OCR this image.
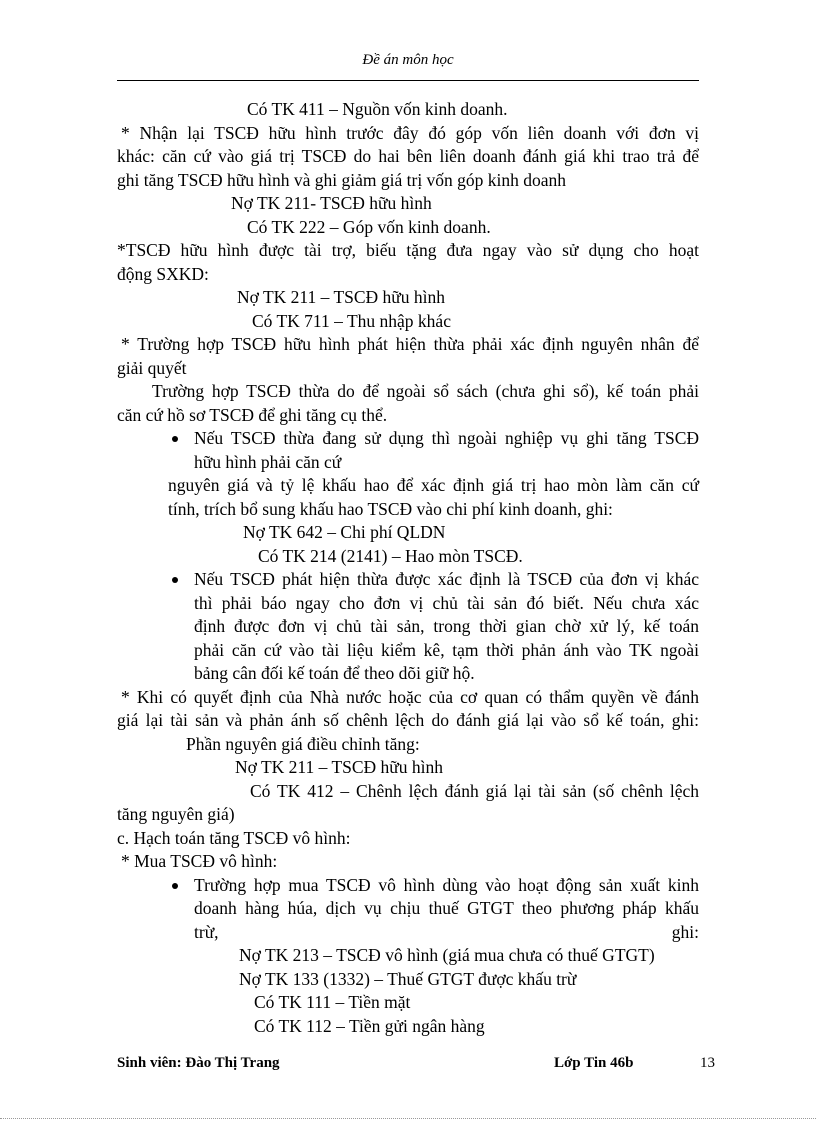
Đề án môn học
Có TK 411 – Nguồn vốn kinh doanh.
* Nhận lại TSCĐ hữu hình trước đây đó góp vốn liên doanh với đơn vị
khác: căn cứ vào giá trị TSCĐ do hai bên liên doanh đánh giá khi trao trả để
ghi tăng TSCĐ hữu hình và ghi giảm giá trị vốn góp kinh doanh
Nợ TK 211- TSCĐ hữu hình
Có TK 222 – Góp vốn kinh doanh.
*TSCĐ hữu hình được tài trợ, biếu tặng đưa ngay vào sử dụng cho hoạt
động SXKD:
Nợ TK 211 – TSCĐ hữu hình
Có TK 711 – Thu nhập khác
* Trường hợp TSCĐ hữu hình phát hiện thừa phải xác định nguyên nhân để
giải quyết
Trường hợp TSCĐ thừa do để ngoài sổ sách (chưa ghi sổ), kế toán phải
căn cứ hồ sơ TSCĐ để ghi tăng cụ thể.
Nếu TSCĐ thừa đang sử dụng thì ngoài nghiệp vụ ghi tăng TSCĐ
hữu hình phải căn cứ
nguyên giá và tỷ lệ khấu hao để xác định giá trị hao mòn làm căn cứ
tính, trích bổ sung khấu hao TSCĐ vào chi phí kinh doanh, ghi:
Nợ TK 642 – Chi phí QLDN
Có TK 214 (2141) – Hao mòn TSCĐ.
Nếu TSCĐ phát hiện thừa được xác định là TSCĐ của đơn vị khác
thì phải báo ngay cho đơn vị chủ tài sản đó biết. Nếu chưa xác
định được đơn vị chủ tài sản, trong thời gian chờ xử lý, kế toán
phải căn cứ vào tài liệu kiểm kê, tạm thời phản ánh vào TK ngoài
bảng cân đối kế toán để theo dõi giữ hộ.
* Khi có quyết định của Nhà nước hoặc của cơ quan có thẩm quyền về đánh
giá lại tài sản và phản ánh số chênh lệch do đánh giá lại vào sổ kế toán, ghi:
Phần nguyên giá điều chỉnh tăng:
Nợ TK 211 – TSCĐ hữu hình
Có TK 412 – Chênh lệch đánh giá lại tài sản (số chênh lệch
tăng nguyên giá)
c. Hạch toán tăng TSCĐ vô hình:
* Mua TSCĐ vô hình:
Trường hợp mua TSCĐ vô hình dùng vào hoạt động sản xuất kinh
doanh hàng húa, dịch vụ chịu thuế GTGT theo phương pháp khấu
trừ, ghi:
Nợ TK 213 – TSCĐ vô hình (giá mua chưa có thuế GTGT)
Nợ TK 133 (1332) – Thuế GTGT được khấu trừ
Có TK 111 – Tiền mặt
Có TK 112 – Tiền gửi ngân hàng
Sinh viên: Đào Thị Trang	Lớp Tin 46b	13
